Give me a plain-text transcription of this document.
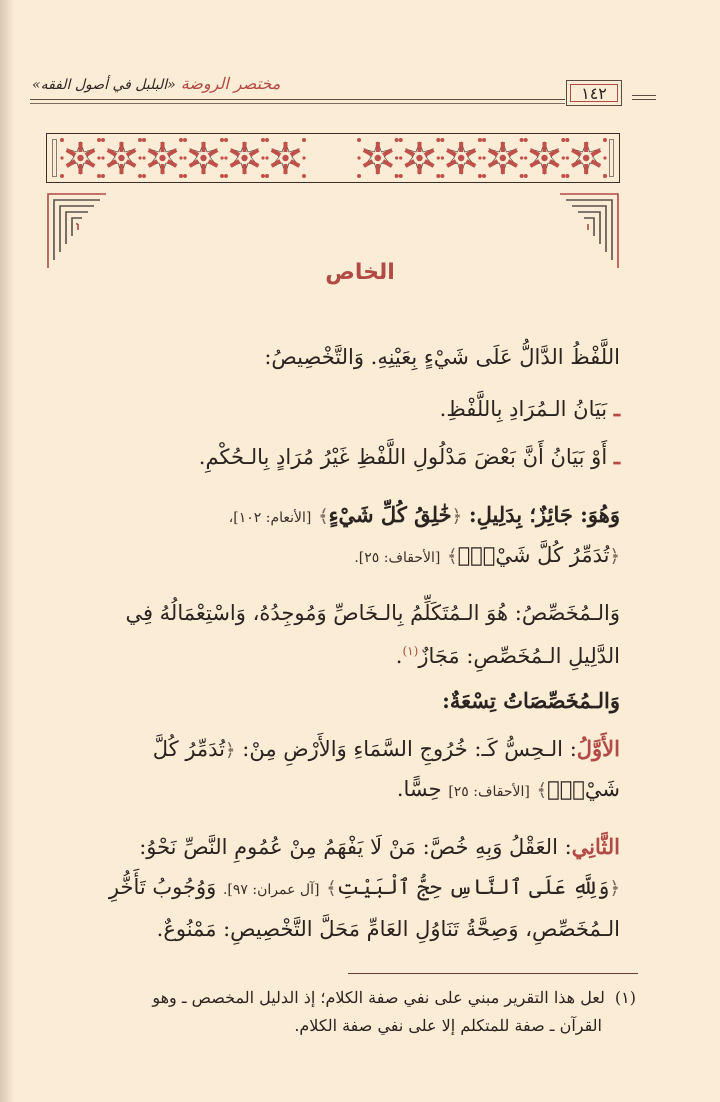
مختصر الروضة «البلبل في أصول الفقه»	١٤٢
الخاص
اللَّفْظُ الدَّالُّ عَلَى شَيْءٍ بِعَيْنِهِ. وَالتَّخْصِيصُ:
ـ بَيَانُ الـمُرَادِ بِاللَّفْظِ.
ـ أَوْ بَيَانُ أَنَّ بَعْضَ مَدْلُولِ اللَّفْظِ غَيْرُ مُرَادٍ بِالـحُكْمِ.
وَهُوَ: جَائِزٌ؛ بِدَلِيلِ: ﴿خَٰلِقُ كُلِّ شَيْءٍ﴾ [الأنعام: ١٠٢]،
﴿تُدَمِّرُ كُلَّ شَيْءِۭ﴾ [الأحقاف: ٢٥].
وَالـمُخَصِّصُ: هُوَ الـمُتَكَلِّمُ بِالـخَاصِّ وَمُوجِدُهُ، وَاسْتِعْمَالُهُ فِي
الدَّلِيلِ الـمُخَصِّصِ: مَجَازٌ$^{(١)}$.
وَالـمُخَصِّصَاتُ تِسْعَةٌ:
الأَوَّلُ: الـحِسُّ كَـ: خُرُوجِ السَّمَاءِ وَالأَرْضِ مِنْ: ﴿تُدَمِّرُ كُلَّ
شَيْءِۭ﴾ [الأحقاف: ٢٥] حِسًّا.
الثَّانِي: العَقْلُ وَبِهِ خُصَّ: مَنْ لَا يَفْهَمُ مِنْ عُمُومِ النَّصِّ نَحْوُ:
﴿وَلِلَّهِ عَلَى ٱلنَّاسِ حِجُّ ٱلْبَيْتِ﴾ [آل عمران: ٩٧]. وَوُجُوبُ تَأَخُّرِ
الـمُخَصِّصِ، وَصِحَّةُ تَنَاوُلِ العَامِّ مَحَلَّ التَّخْصِيصِ: مَمْنُوعٌ.
(١)لعل هذا التقرير مبني على نفي صفة الكلام؛ إذ الدليل المخصص ـ وهو
القرآن ـ صفة للمتكلم إلا على نفي صفة الكلام.
